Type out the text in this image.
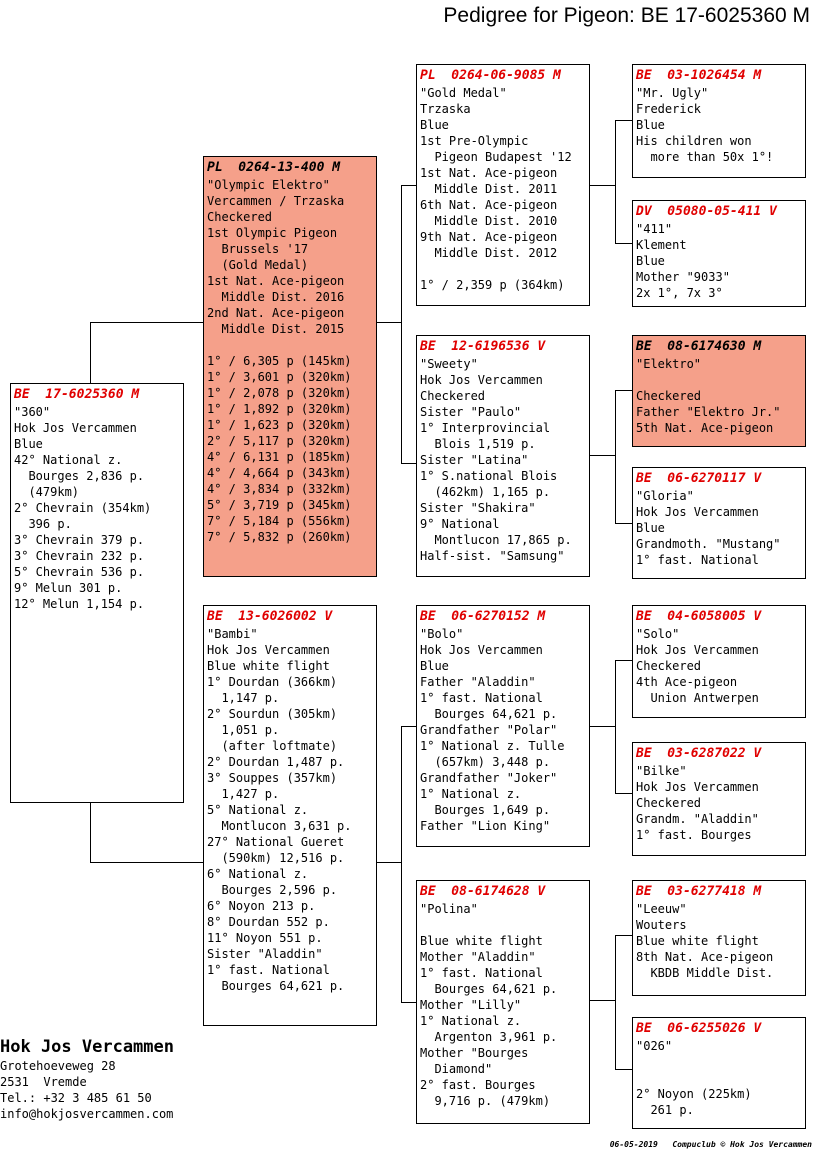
Pedigree for Pigeon: BE 17-6025360 M
BE  17-6025360 M
"360"
Hok Jos Vercammen
Blue
42° National z.
Bourges 2,836 p.
(479km)
2° Chevrain (354km)
396 p.
3° Chevrain 379 p.
3° Chevrain 232 p.
5° Chevrain 536 p.
9° Melun 301 p.
12° Melun 1,154 p.
PL  0264-13-400 M
"Olympic Elektro"
Vercammen / Trzaska
Checkered
1st Olympic Pigeon
Brussels '17
(Gold Medal)
1st Nat. Ace-pigeon
Middle Dist. 2016
2nd Nat. Ace-pigeon
Middle Dist. 2015

1° / 6,305 p (145km)
1° / 3,601 p (320km)
1° / 2,078 p (320km)
1° / 1,892 p (320km)
1° / 1,623 p (320km)
2° / 5,117 p (320km)
4° / 6,131 p (185km)
4° / 4,664 p (343km)
4° / 3,834 p (332km)
5° / 3,719 p (345km)
7° / 5,184 p (556km)
7° / 5,832 p (260km)
BE  13-6026002 V
"Bambi"
Hok Jos Vercammen
Blue white flight
1° Dourdan (366km)
1,147 p.
2° Sourdun (305km)
1,051 p.
(after loftmate)
2° Dourdan 1,487 p.
3° Souppes (357km)
1,427 p.
5° National z.
Montlucon 3,631 p.
27° National Gueret
(590km) 12,516 p.
6° National z.
Bourges 2,596 p.
6° Noyon 213 p.
8° Dourdan 552 p.
11° Noyon 551 p.
Sister "Aladdin"
1° fast. National
Bourges 64,621 p.
PL  0264-06-9085 M
"Gold Medal"
Trzaska
Blue
1st Pre-Olympic
Pigeon Budapest '12
1st Nat. Ace-pigeon
Middle Dist. 2011
6th Nat. Ace-pigeon
Middle Dist. 2010
9th Nat. Ace-pigeon
Middle Dist. 2012

1° / 2,359 p (364km)
BE  12-6196536 V
"Sweety"
Hok Jos Vercammen
Checkered
Sister "Paulo"
1° Interprovincial
Blois 1,519 p.
Sister "Latina"
1° S.national Blois
(462km) 1,165 p.
Sister "Shakira"
9° National
Montlucon 17,865 p.
Half-sist. "Samsung"
BE  06-6270152 M
"Bolo"
Hok Jos Vercammen
Blue
Father "Aladdin"
1° fast. National
Bourges 64,621 p.
Grandfather "Polar"
1° National z. Tulle
(657km) 3,448 p.
Grandfather "Joker"
1° National z.
Bourges 1,649 p.
Father "Lion King"
BE  08-6174628 V
"Polina"

Blue white flight
Mother "Aladdin"
1° fast. National
Bourges 64,621 p.
Mother "Lilly"
1° National z.
Argenton 3,961 p.
Mother "Bourges
Diamond"
2° fast. Bourges
9,716 p. (479km)
BE  03-1026454 M
"Mr. Ugly"
Frederick
Blue
His children won
more than 50x 1°!
DV  05080-05-411 V
"411"
Klement
Blue
Mother "9033"
2x 1°, 7x 3°
BE  08-6174630 M
"Elektro"

Checkered
Father "Elektro Jr."
5th Nat. Ace-pigeon
BE  06-6270117 V
"Gloria"
Hok Jos Vercammen
Blue
Grandmoth. "Mustang"
1° fast. National
BE  04-6058005 V
"Solo"
Hok Jos Vercammen
Checkered
4th Ace-pigeon
Union Antwerpen
BE  03-6287022 V
"Bilke"
Hok Jos Vercammen
Checkered
Grandm. "Aladdin"
1° fast. Bourges
BE  03-6277418 M
"Leeuw"
Wouters
Blue white flight
8th Nat. Ace-pigeon
KBDB Middle Dist.
BE  06-6255026 V
"026"

2° Noyon (225km)
261 p.
Hok Jos Vercammen
Grotehoeveweg 28
2531  Vremde
Tel.: +32 3 485 61 50
info@hokjosvercammen.com
06-05-2019   Compuclub © Hok Jos Vercammen
